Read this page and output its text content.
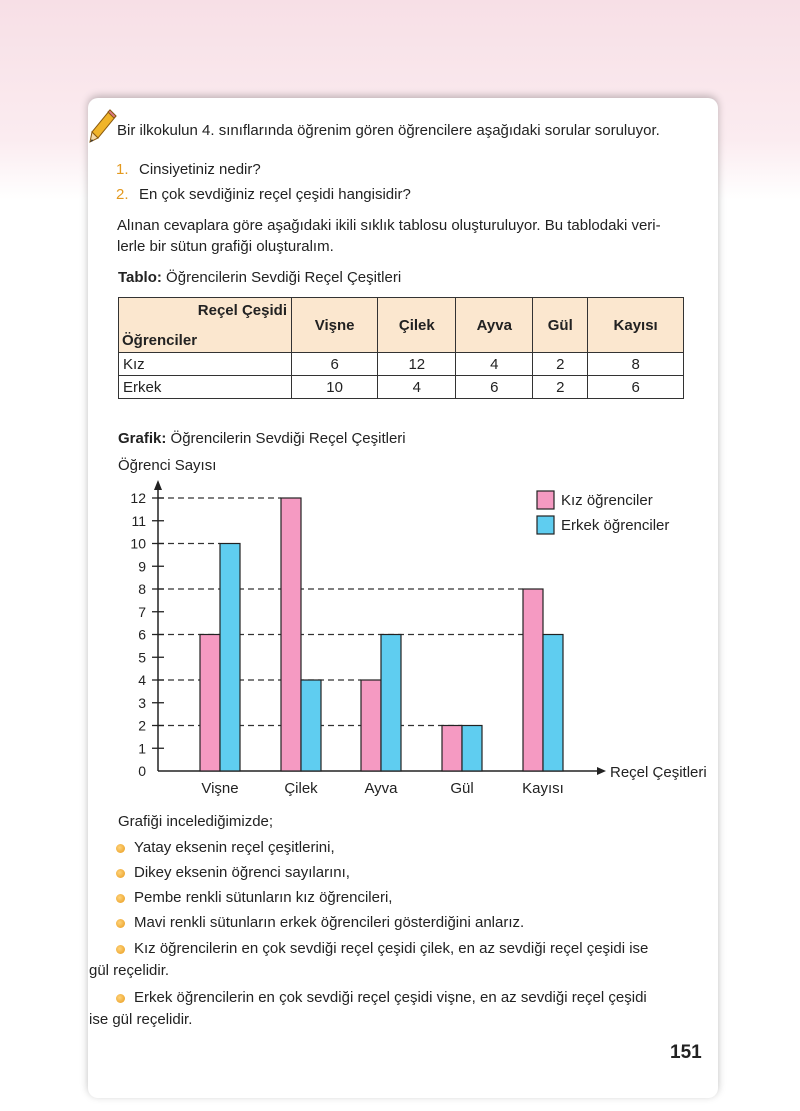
Bir ilkokulun 4. sınıflarında öğrenim gören öğrencilere aşağıdaki sorular soruluyor.
1. Cinsiyetiniz nedir?
2. En çok sevdiğiniz reçel çeşidi hangisidir?
Alınan cevaplara göre aşağıdaki ikili sıklık tablosu oluşturuluyor. Bu tablodaki veri-
lerle bir sütun grafiği oluşturalım.
Tablo: Öğrencilerin Sevdiği Reçel Çeşitleri
Reçel Çeşidi
Öğrenciler	Vişne	Çilek	Ayva	Gül	Kayısı
Kız	6	12	4	2	8
Erkek	10	4	6	2	6
Grafik: Öğrencilerin Sevdiği Reçel Çeşitleri
Öğrenci Sayısı
Reçel Çeşitleri
0
1
2
3
4
5
6
7
8
9
10
11
12
Vişne	Çilek	Ayva	Gül	Kayısı
Kız öğrenciler
Erkek öğrenciler
Grafiği incelediğimizde;
Yatay eksenin reçel çeşitlerini,
Dikey eksenin öğrenci sayılarını,
Pembe renkli sütunların kız öğrencileri,
Mavi renkli sütunların erkek öğrencileri gösterdiğini anlarız.
Kız öğrencilerin en çok sevdiği reçel çeşidi çilek, en az sevdiği reçel çeşidi ise
gül reçelidir.
Erkek öğrencilerin en çok sevdiği reçel çeşidi vişne, en az sevdiği reçel çeşidi
ise gül reçelidir.
151
